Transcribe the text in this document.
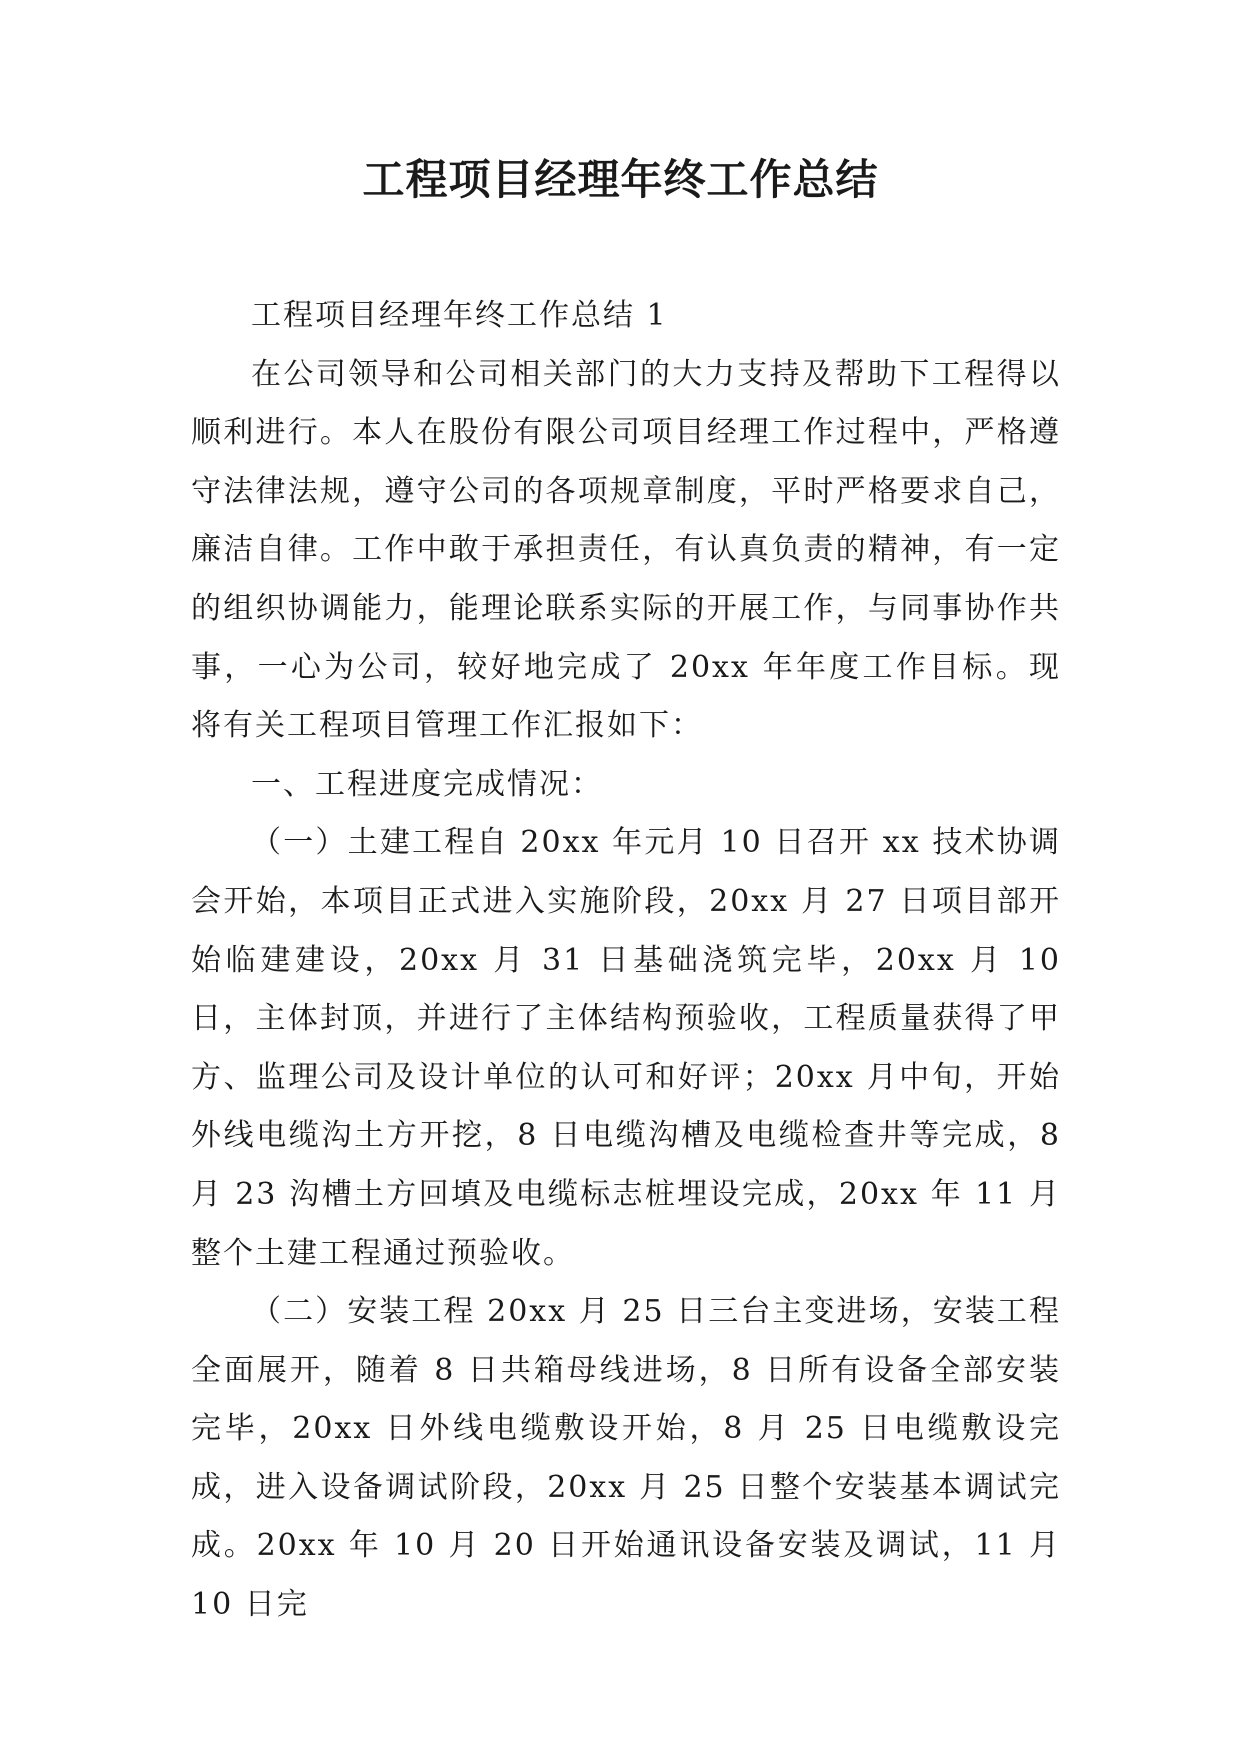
工程项目经理年终工作总结

工程项目经理年终工作总结 1

在公司领导和公司相关部门的大力支持及帮助下工程得以顺利进行。本人在股份有限公司项目经理工作过程中，严格遵守法律法规，遵守公司的各项规章制度，平时严格要求自己，廉洁自律。工作中敢于承担责任，有认真负责的精神，有一定的组织协调能力，能理论联系实际的开展工作，与同事协作共事，一心为公司，较好地完成了 20xx 年年度工作目标。现将有关工程项目管理工作汇报如下：

一、工程进度完成情况：

（一）土建工程自 20xx 年元月 10 日召开 xx 技术协调会开始，本项目正式进入实施阶段，20xx 月 27 日项目部开始临建建设，20xx 月 31 日基础浇筑完毕，20xx 月 10 日，主体封顶，并进行了主体结构预验收，工程质量获得了甲方、监理公司及设计单位的认可和好评；20xx 月中旬，开始外线电缆沟土方开挖，8 日电缆沟槽及电缆检查井等完成，8 月 23 沟槽土方回填及电缆标志桩埋设完成，20xx 年 11 月整个土建工程通过预验收。

（二）安装工程 20xx 月 25 日三台主变进场，安装工程全面展开，随着 8 日共箱母线进场，8 日所有设备全部安装完毕，20xx 日外线电缆敷设开始，8 月 25 日电缆敷设完成，进入设备调试阶段，20xx 月 25 日整个安装基本调试完成。20xx 年 10 月 20 日开始通讯设备安装及调试，11 月 10 日完
